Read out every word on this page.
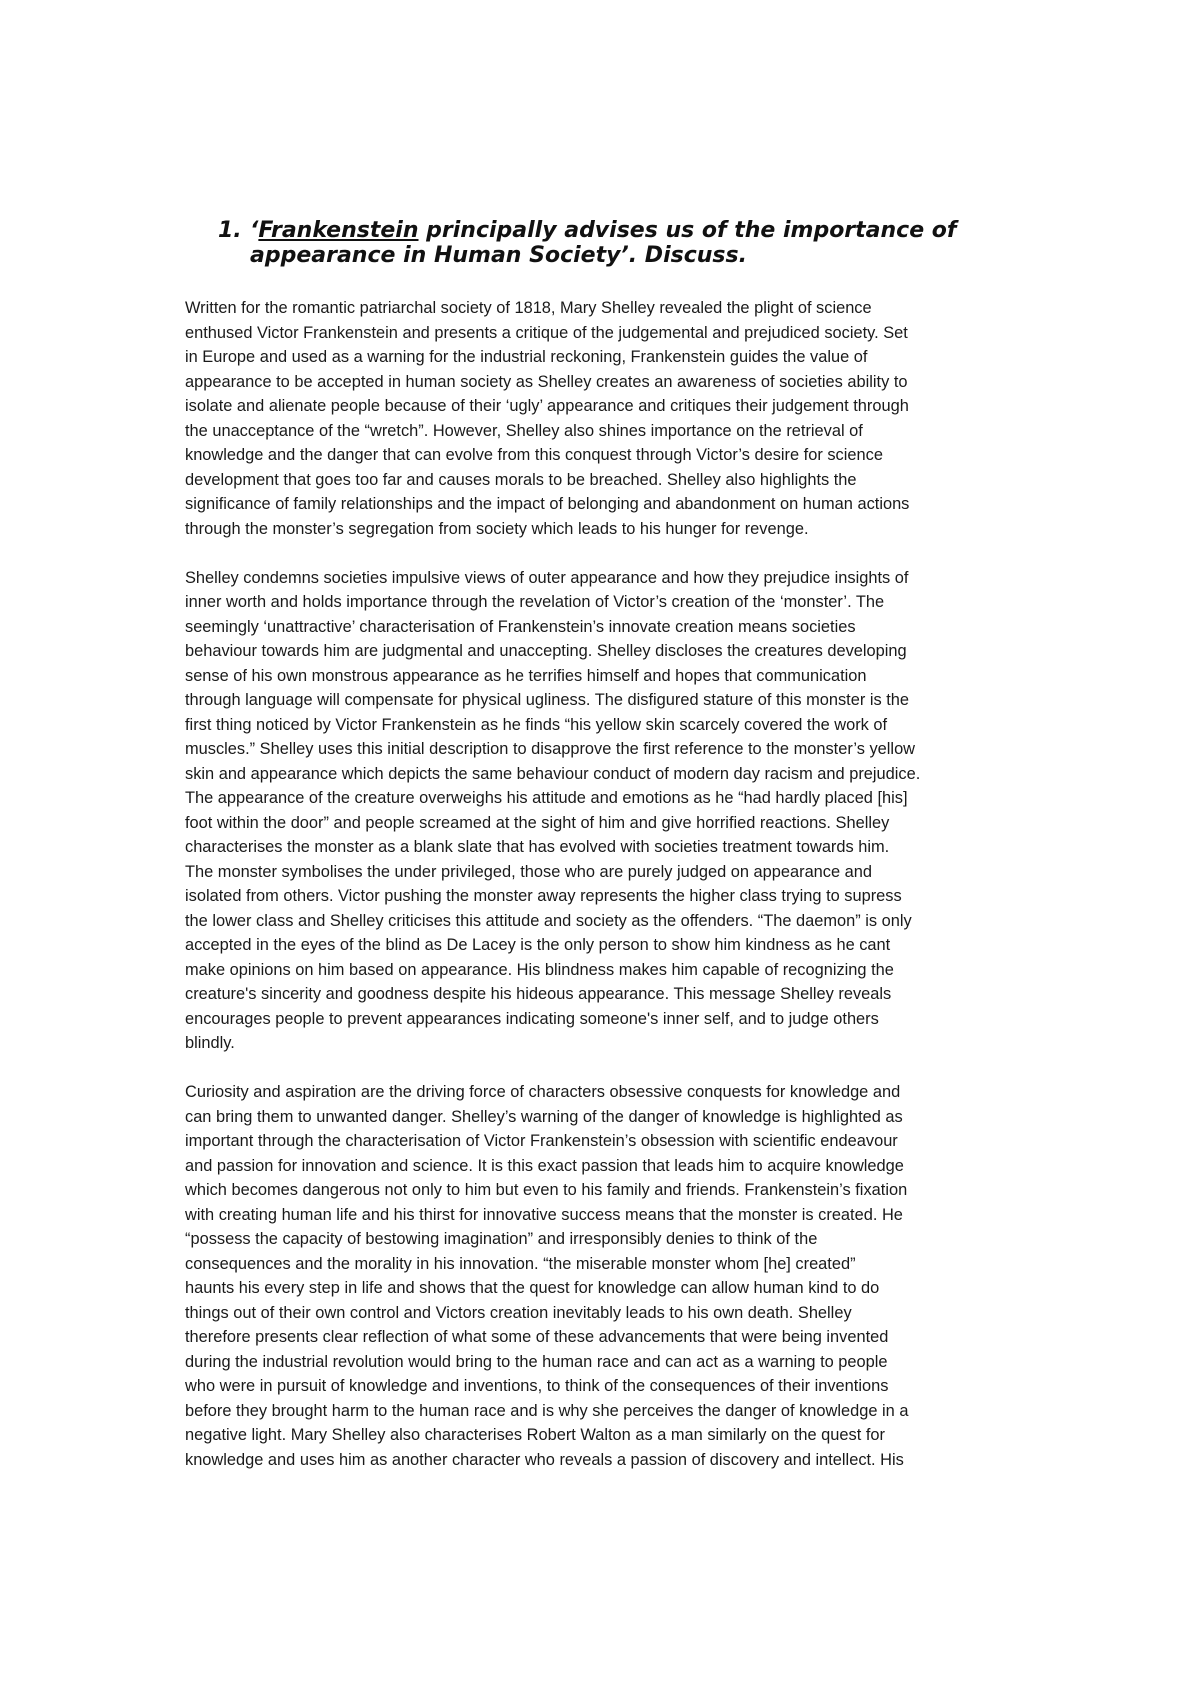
1. ‘Frankenstein principally advises us of the importance of
appearance in Human Society’. Discuss.
Written for the romantic patriarchal society of 1818, Mary Shelley revealed the plight of science
enthused Victor Frankenstein and presents a critique of the judgemental and prejudiced society. Set
in Europe and used as a warning for the industrial reckoning, Frankenstein guides the value of
appearance to be accepted in human society as Shelley creates an awareness of societies ability to
isolate and alienate people because of their ‘ugly’ appearance and critiques their judgement through
the unacceptance of the “wretch”. However, Shelley also shines importance on the retrieval of
knowledge and the danger that can evolve from this conquest through Victor’s desire for science
development that goes too far and causes morals to be breached. Shelley also highlights the
significance of family relationships and the impact of belonging and abandonment on human actions
through the monster’s segregation from society which leads to his hunger for revenge.
Shelley condemns societies impulsive views of outer appearance and how they prejudice insights of
inner worth and holds importance through the revelation of Victor’s creation of the ‘monster’. The
seemingly ‘unattractive’ characterisation of Frankenstein’s innovate creation means societies
behaviour towards him are judgmental and unaccepting. Shelley discloses the creatures developing
sense of his own monstrous appearance as he terrifies himself and hopes that communication
through language will compensate for physical ugliness. The disfigured stature of this monster is the
first thing noticed by Victor Frankenstein as he finds “his yellow skin scarcely covered the work of
muscles.” Shelley uses this initial description to disapprove the first reference to the monster’s yellow
skin and appearance which depicts the same behaviour conduct of modern day racism and prejudice.
The appearance of the creature overweighs his attitude and emotions as he “had hardly placed [his]
foot within the door” and people screamed at the sight of him and give horrified reactions. Shelley
characterises the monster as a blank slate that has evolved with societies treatment towards him.
The monster symbolises the under privileged, those who are purely judged on appearance and
isolated from others. Victor pushing the monster away represents the higher class trying to supress
the lower class and Shelley criticises this attitude and society as the offenders. “The daemon” is only
accepted in the eyes of the blind as De Lacey is the only person to show him kindness as he cant
make opinions on him based on appearance. His blindness makes him capable of recognizing the
creature's sincerity and goodness despite his hideous appearance. This message Shelley reveals
encourages people to prevent appearances indicating someone's inner self, and to judge others
blindly.
Curiosity and aspiration are the driving force of characters obsessive conquests for knowledge and
can bring them to unwanted danger. Shelley’s warning of the danger of knowledge is highlighted as
important through the characterisation of Victor Frankenstein’s obsession with scientific endeavour
and passion for innovation and science. It is this exact passion that leads him to acquire knowledge
which becomes dangerous not only to him but even to his family and friends. Frankenstein’s fixation
with creating human life and his thirst for innovative success means that the monster is created. He
“possess the capacity of bestowing imagination” and irresponsibly denies to think of the
consequences and the morality in his innovation. “the miserable monster whom [he] created”
haunts his every step in life and shows that the quest for knowledge can allow human kind to do
things out of their own control and Victors creation inevitably leads to his own death. Shelley
therefore presents clear reflection of what some of these advancements that were being invented
during the industrial revolution would bring to the human race and can act as a warning to people
who were in pursuit of knowledge and inventions, to think of the consequences of their inventions
before they brought harm to the human race and is why she perceives the danger of knowledge in a
negative light. Mary Shelley also characterises Robert Walton as a man similarly on the quest for
knowledge and uses him as another character who reveals a passion of discovery and intellect. His
